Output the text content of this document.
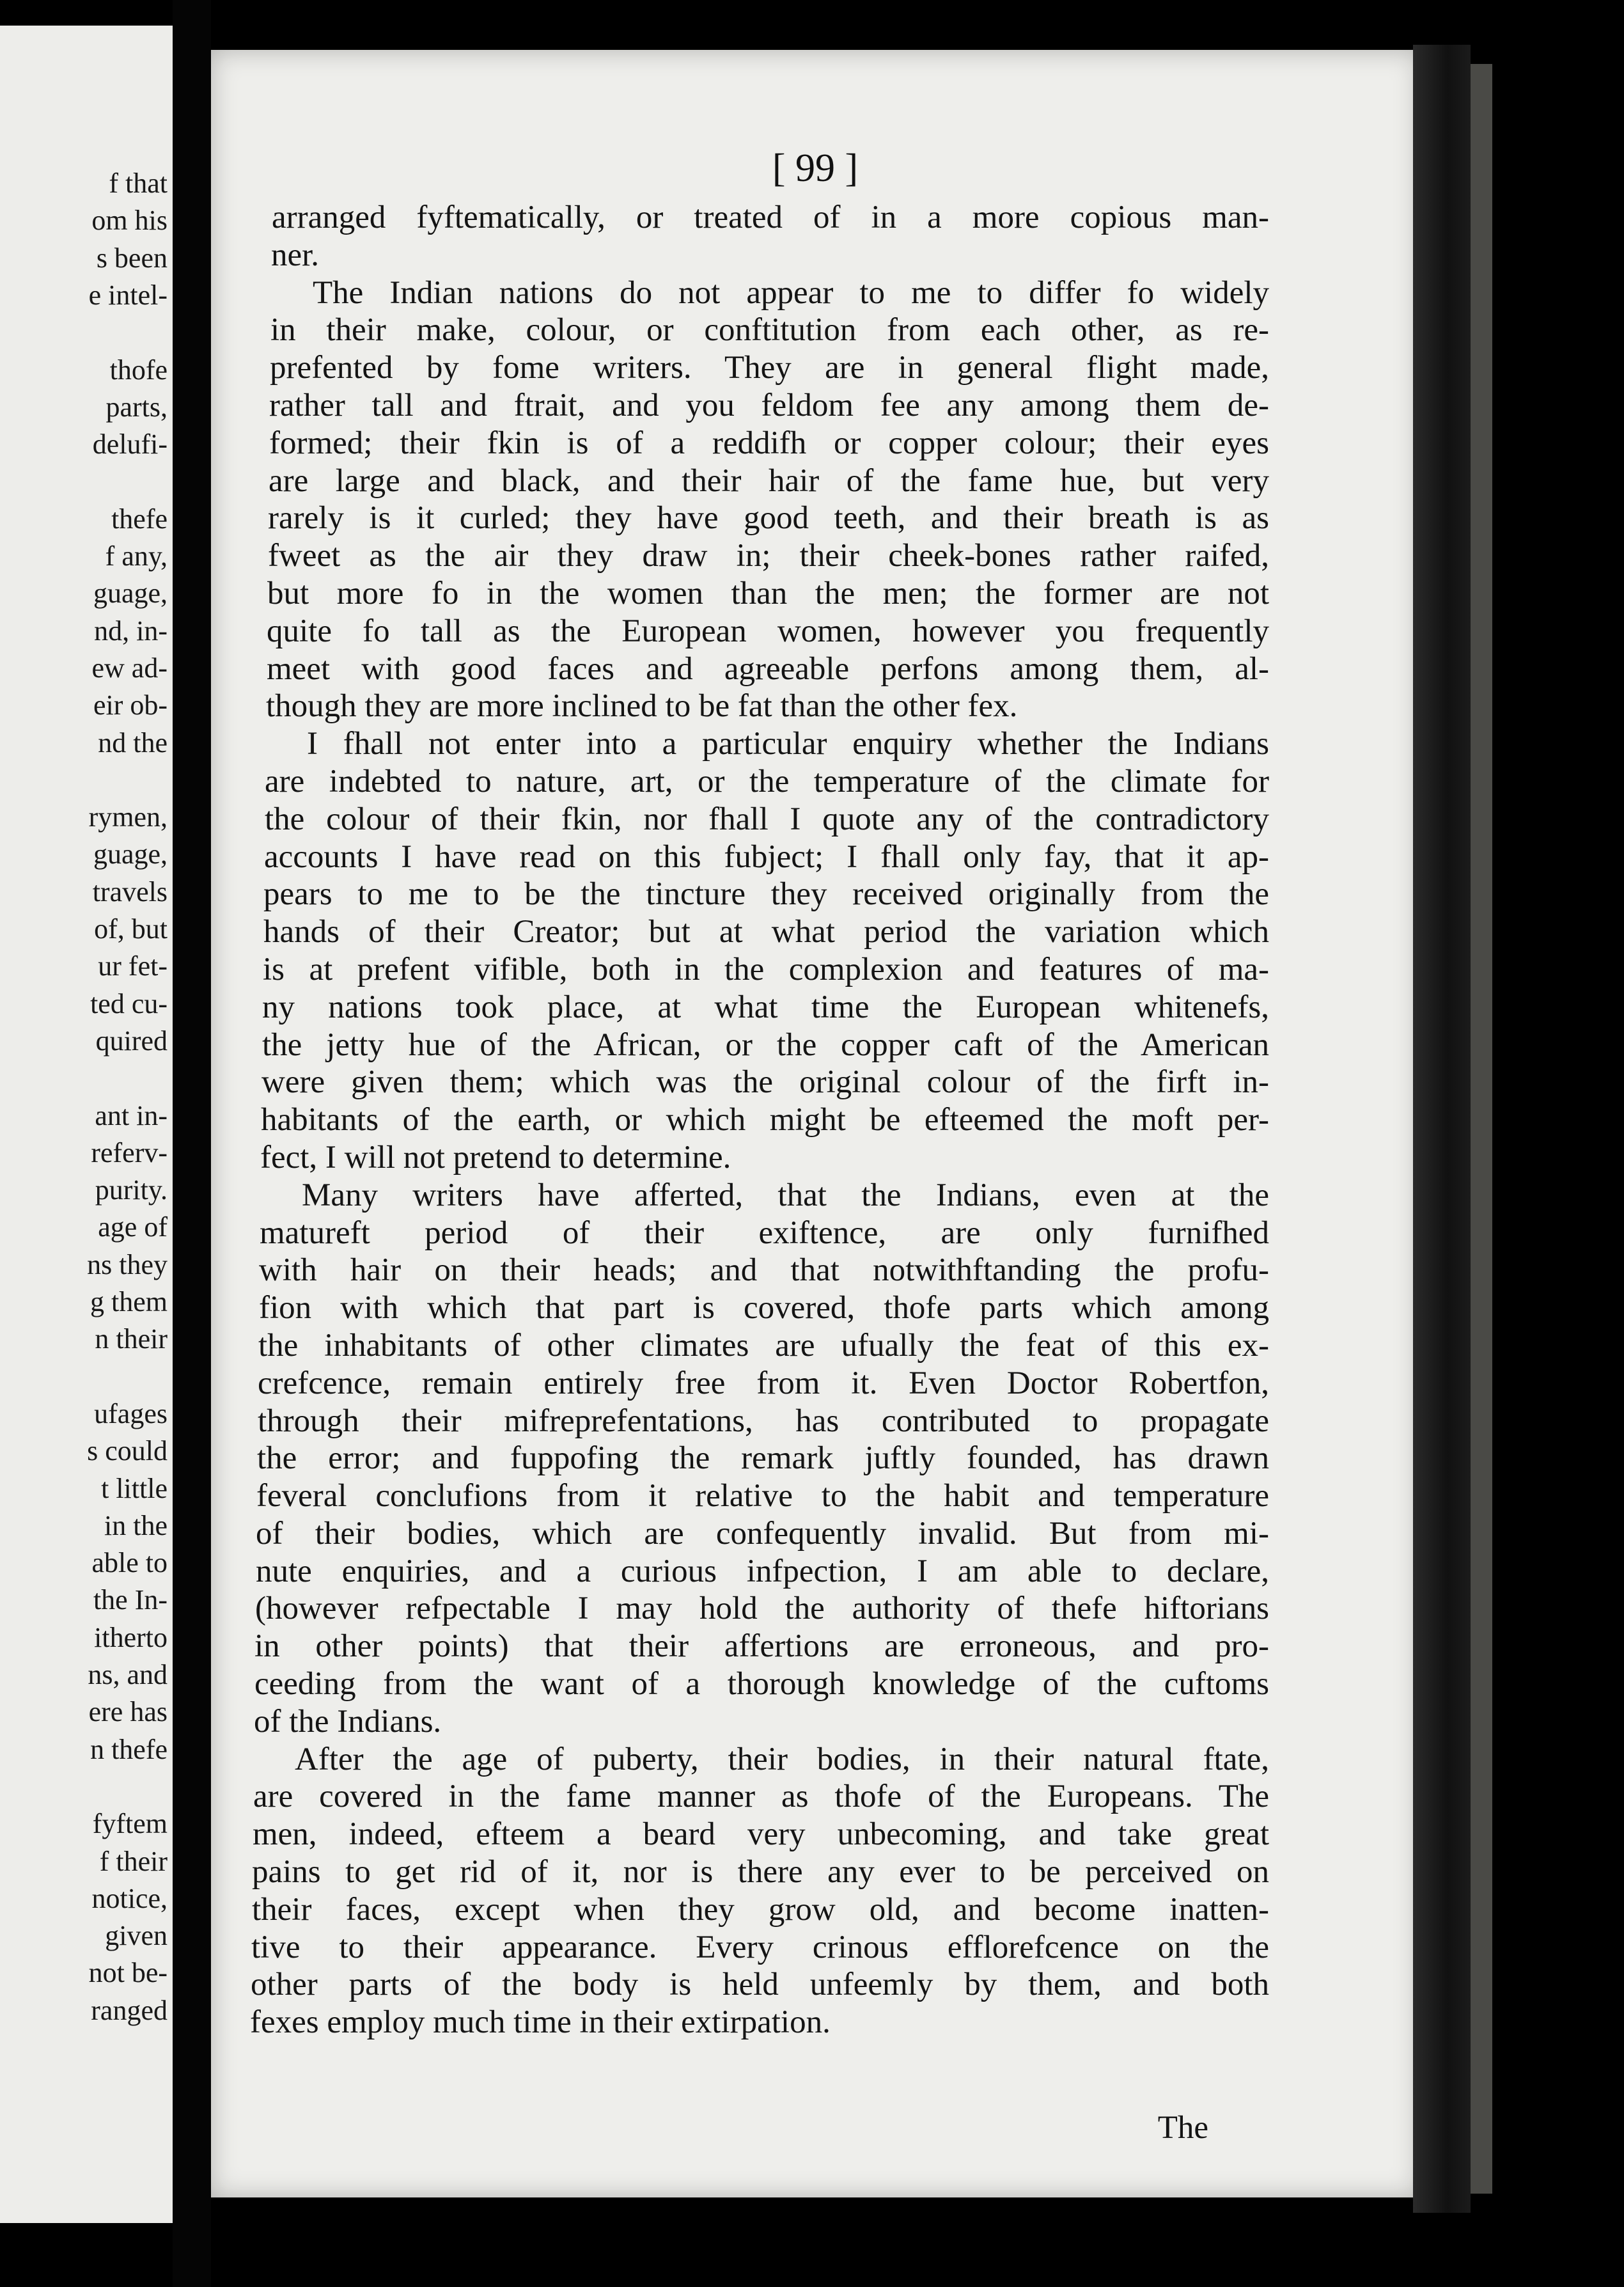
f that
om his
s been
e intel-
thofe
parts,
delufi-
thefe
f any,
guage,
nd, in-
ew ad-
eir ob-
nd the
rymen,
guage,
travels
of, but
ur fet-
ted cu-
quired
ant in-
referv-
purity.
age of
ns they
g them
n their
ufages
s could
t little
in the
able to
the In-
itherto
ns, and
ere has
n thefe
fyftem
f their
notice,
given
not be-
ranged
[ 99 ]
arranged fyftematically, or treated of in a more copious man-
ner.
The Indian nations do not appear to me to differ fo widely
in their make, colour, or conftitution from each other, as re-
prefented by fome writers. They are in general flight made,
rather tall and ftrait, and you feldom fee any among them de-
formed; their fkin is of a reddifh or copper colour; their eyes
are large and black, and their hair of the fame hue, but very
rarely is it curled; they have good teeth, and their breath is as
fweet as the air they draw in; their cheek-bones rather raifed,
but more fo in the women than the men; the former are not
quite fo tall as the European women, however you frequently
meet with good faces and agreeable perfons among them, al-
though they are more inclined to be fat than the other fex.
I fhall not enter into a particular enquiry whether the Indians
are indebted to nature, art, or the temperature of the climate for
the colour of their fkin, nor fhall I quote any of the contradictory
accounts I have read on this fubject; I fhall only fay, that it ap-
pears to me to be the tincture they received originally from the
hands of their Creator; but at what period the variation which
is at prefent vifible, both in the complexion and features of ma-
ny nations took place, at what time the European whitenefs,
the jetty hue of the African, or the copper caft of the American
were given them; which was the original colour of the firft in-
habitants of the earth, or which might be efteemed the moft per-
fect, I will not pretend to determine.
Many writers have afferted, that the Indians, even at the
matureft period of their exiftence, are only furnifhed
with hair on their heads; and that notwithftanding the profu-
fion with which that part is covered, thofe parts which among
the inhabitants of other climates are ufually the feat of this ex-
crefcence, remain entirely free from it. Even Doctor Robertfon,
through their mifreprefentations, has contributed to propagate
the error; and fuppofing the remark juftly founded, has drawn
feveral conclufions from it relative to the habit and temperature
of their bodies, which are confequently invalid. But from mi-
nute enquiries, and a curious infpection, I am able to declare,
(however refpectable I may hold the authority of thefe hiftorians
in other points) that their affertions are erroneous, and pro-
ceeding from the want of a thorough knowledge of the cuftoms
of the Indians.
After the age of puberty, their bodies, in their natural ftate,
are covered in the fame manner as thofe of the Europeans. The
men, indeed, efteem a beard very unbecoming, and take great
pains to get rid of it, nor is there any ever to be perceived on
their faces, except when they grow old, and become inatten-
tive to their appearance. Every crinous efflorefcence on the
other parts of the body is held unfeemly by them, and both
fexes employ much time in their extirpation.
The
